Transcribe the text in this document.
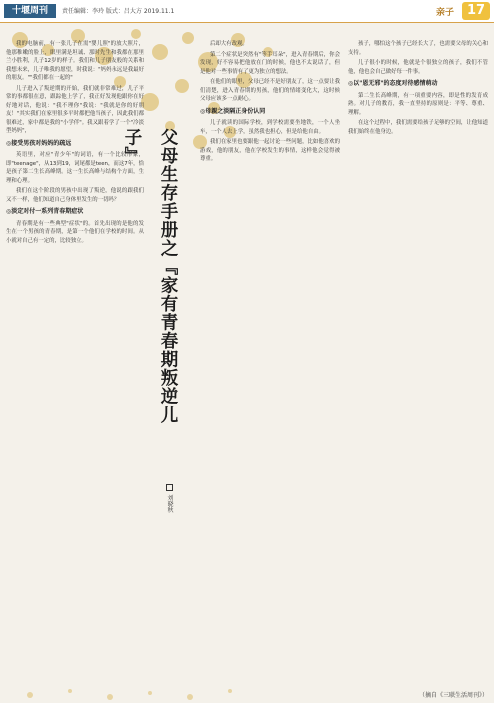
十堰周刊	责任编辑：李玲 版式：吕大方 2019.11.1	亲子 17

我的电脑前，有一张儿子在需"婴儿照"的放大照片，他那稚嫩的脸上，眼里满是坦诚、那时先生和我都在那里兰小胜利，儿子12岁的样子。我们和儿子朋友般的关系和我想未来，儿子唯我的愿望，时我说："妈妈永远是我最好的朋友。""我们都在一起的"

儿子进入了叛逆期的开始，我们就非常难过，儿子平常的事都很在意，跟踪他上学了，我正好发现他跟你在好好地对话，他说："我不理你"我说："我就是你的好朋友！"其实我们在家里很多平时都把他当孩子，因此我们都很难过，家中都是我的"小学伴"。我又跟着学了一个"冷淡型妈妈"，

◎接受男孩对妈妈的疏远

英语里，对应"青少年"的词语，有一个比较形象，即"teenage"，从13到19，词尾都是teen，而这7年，恰是孩子第二生长高峰期。这一生长高峰与结构个方面，生理和心理。

我们在这个阶段的男孩中出现了叛逆，他说的跟我们又不一样，他们知道自己身体里发生的一切吗？

◎淡定对付一系列青春期症状

青春期是有一些典型"症状"的。首先出现的是他的发生在一个男孩的青春期，是第一个他们在学校的时间。从小就对自己有一定的，比较独立。	父母生存手册之『家有青春期叛逆儿子』
刘晓秋

后却大有改观。

第二个症状是突然有"等手耳朵"，进入青春期后，你会发现，好不容易把他放在门的时候，他也不太说话了，但是他对一些事情有了更为独立的想法。

在他们的眼里，父母已经不是好朋友了，这一点要让我们清楚，进入青春期的男孩，他们的情绪变化大，这时候父母应该多一点耐心。

◎母親之淡隔正身份认同

儿子就读的国际学校，到学校需要坐地铁，一个人坐车，一个人去上学，虽然我也担心，但是给他自由。

我们在家里也要跟他一起讨论一些问题，比如他喜欢的游戏，他的朋友，他在学校发生的事情，这样他会觉得被尊重。

孩子，哪怕这个孩子已经长大了，也需要父母的关心和支持。

儿子很小的时候，他就是个很独立的孩子，我们不管他，他也会自己做好每一件事。

◎以"恩无邪"的态度对待感情萌动

第二生长高峰期，有一项重要内容，即是性的发育成熟。对儿子的教育，我一直坚持的原则是：平等、尊重、理解。

在这个过程中，我们需要给孩子足够的空间，让他知道我们始终在他身边。

（摘自《三联生活周刊》）
